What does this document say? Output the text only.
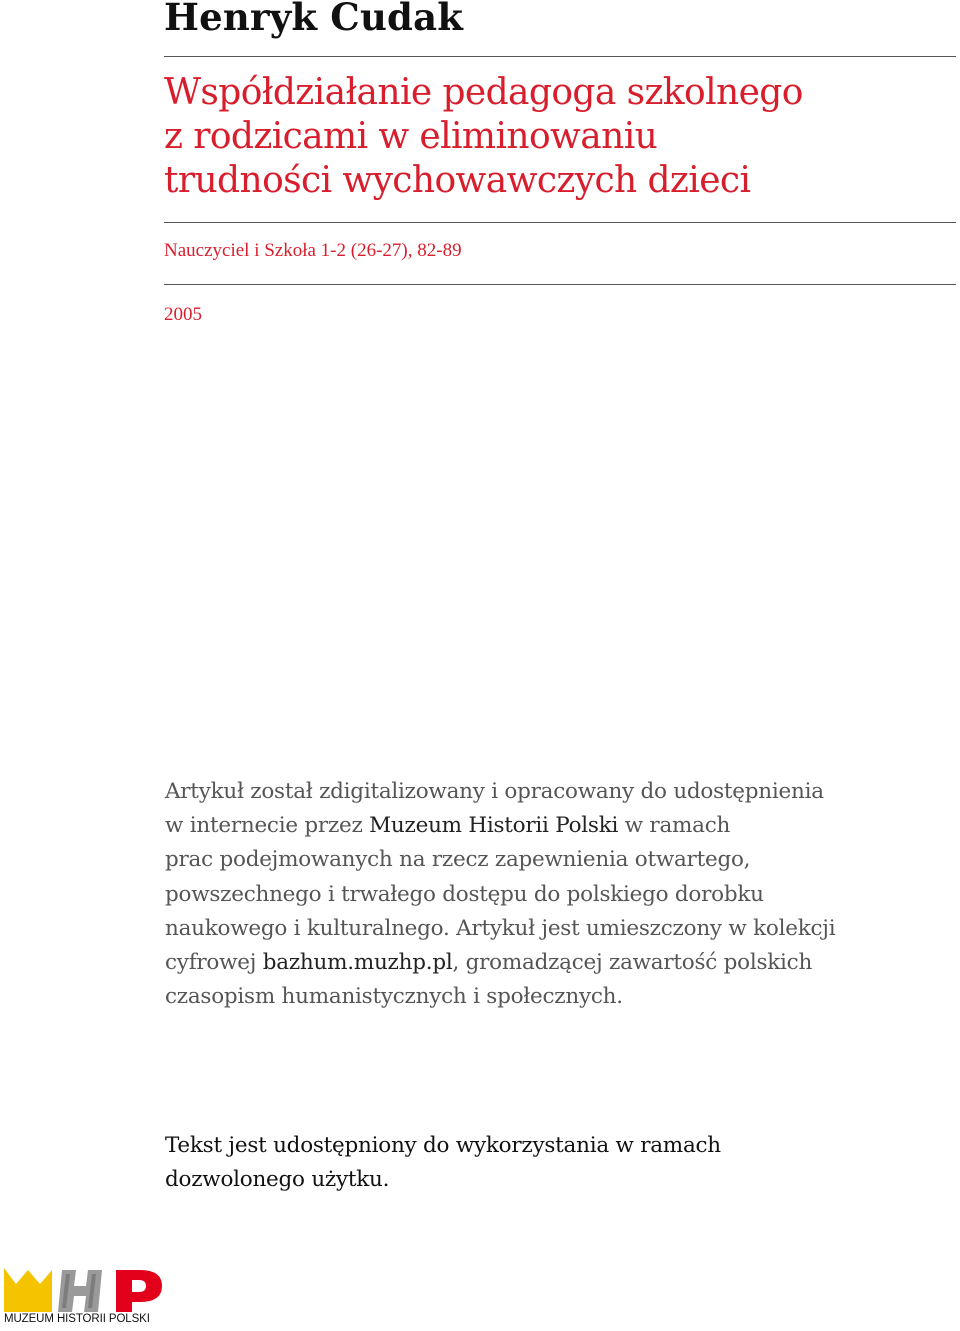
Henryk Cudak
Współdziałanie pedagoga szkolnego
z rodzicami w eliminowaniu
trudności wychowawczych dzieci
Nauczyciel i Szkoła 1-2 (26-27), 82-89
2005
Artykuł został zdigitalizowany i opracowany do udostępnienia
w internecie przez Muzeum Historii Polski w ramach
prac podejmowanych na rzecz zapewnienia otwartego,
powszechnego i trwałego dostępu do polskiego dorobku
naukowego i kulturalnego. Artykuł jest umieszczony w kolekcji
cyfrowej bazhum.muzhp.pl, gromadzącej zawartość polskich
czasopism humanistycznych i społecznych.
Tekst jest udostępniony do wykorzystania w ramach
dozwolonego użytku.
MUZEUM HISTORII POLSKI
